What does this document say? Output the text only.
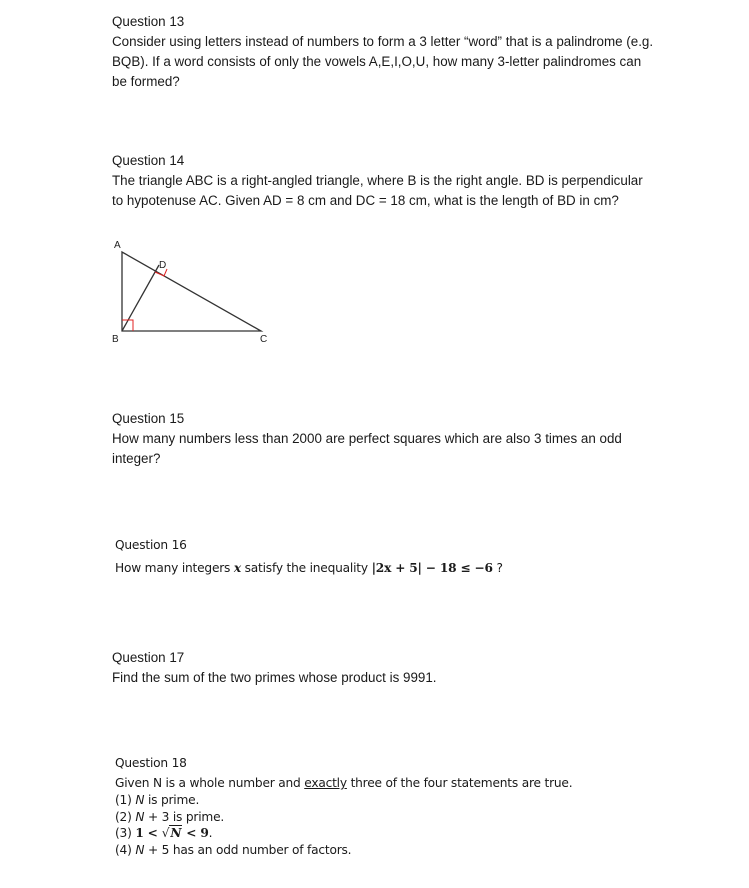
Question 13
Consider using letters instead of numbers to form a 3 letter “word” that is a palindrome (e.g. BQB). If a word consists of only the vowels A,E,I,O,U, how many 3-letter palindromes can be formed?
Question 14
The triangle ABC is a right-angled triangle, where B is the right angle. BD is perpendicular to hypotenuse AC. Given AD = 8 cm and DC = 18 cm, what is the length of BD in cm?
A
B	C
D
Question 15
How many numbers less than 2000 are perfect squares which are also 3 times an odd integer?
Question 16
How many integers x satisfy the inequality |2x + 5| − 18 ≤ −6 ?
Question 17
Find the sum of the two primes whose product is 9991.
Question 18
Given N is a whole number and exactly three of the four statements are true.
(1) N is prime.
(2) N + 3 is prime.
(3) 1 < √N < 9.
(4) N + 5 has an odd number of factors.
